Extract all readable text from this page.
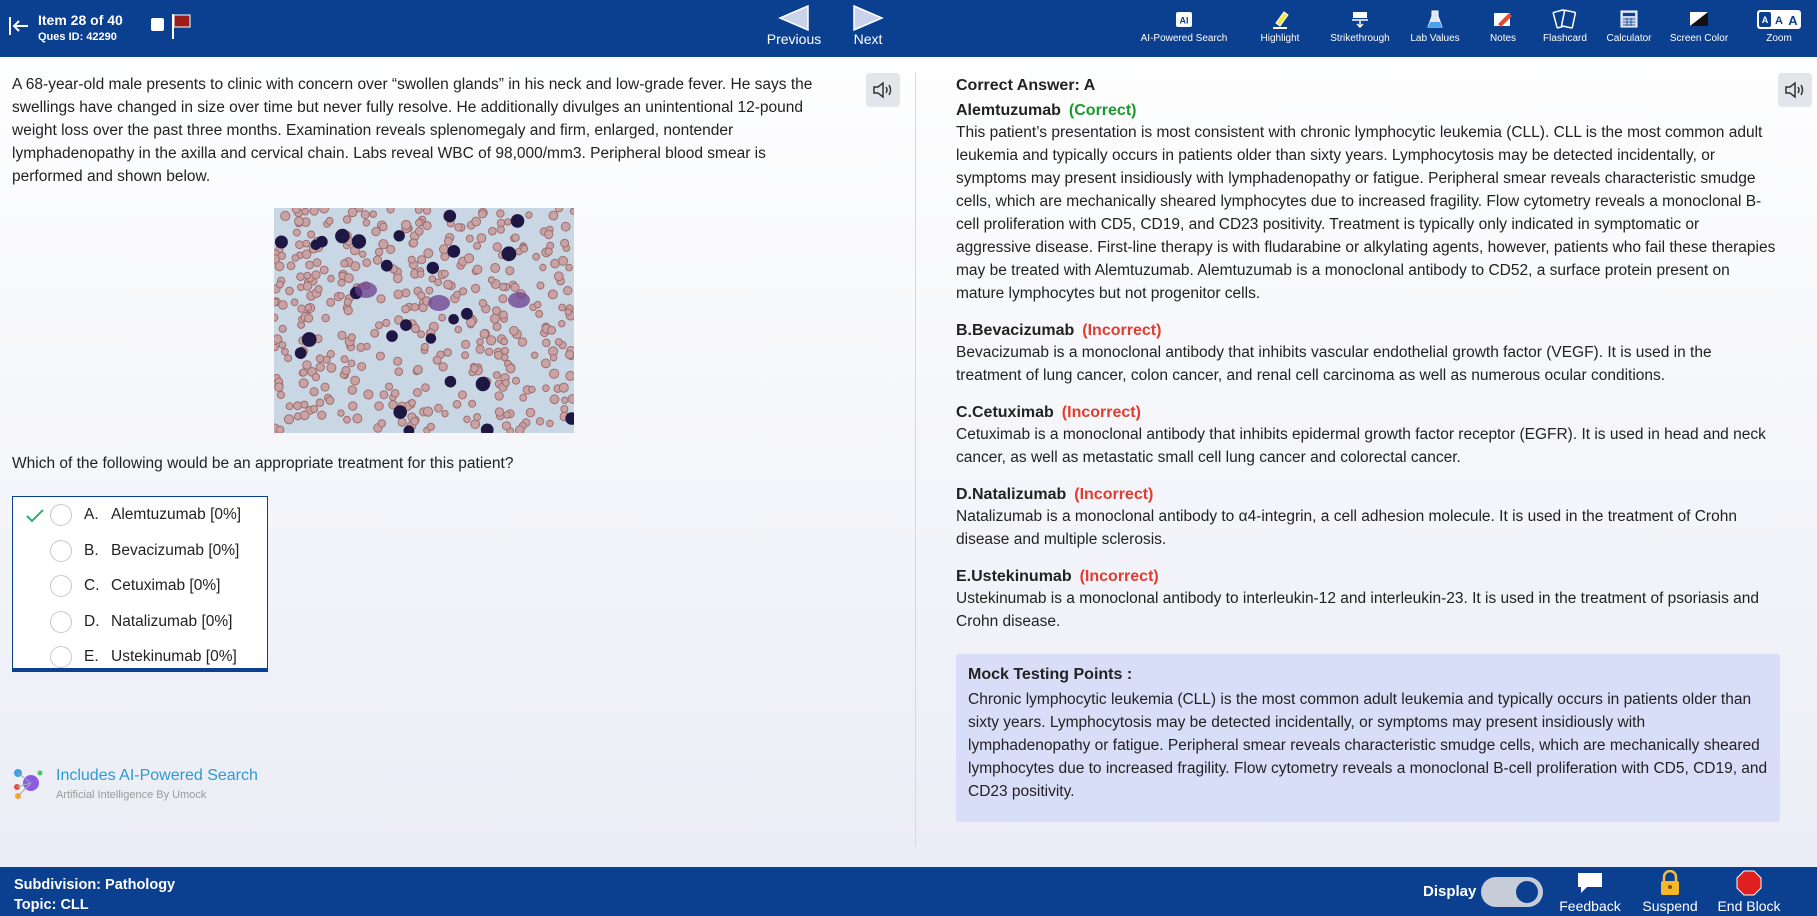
Item 28 of 40
Ques ID: 42290	Previous	Next
AI
AI-Powered Search	Highlight	Strikethrough	Lab Values	Notes	Flashcard	Calculator Screen Color
A A A
Zoom
A 68-year-old male presents to clinic with concern over “swollen glands” in his neck and low-grade fever. He says the swellings have changed in size over time but never fully resolve. He additionally divulges an unintentional 12-pound weight loss over the past three months. Examination reveals splenomegaly and firm, enlarged, nontender lymphadenopathy in the axilla and cervical chain. Labs reveal WBC of 98,000/mm3. Peripheral blood smear is performed and shown below.
Which of the following would be an appropriate treatment for this patient?
A. Alemtuzumab [0%]
B. Bevacizumab [0%]
C. Cetuximab [0%]
D. Natalizumab [0%]
E. Ustekinumab [0%]
Includes AI-Powered Search
Artificial Intelligence By Umock
Correct Answer: A
Alemtuzumab (Correct)
This patient’s presentation is most consistent with chronic lymphocytic leukemia (CLL). CLL is the most common adult leukemia and typically occurs in patients older than sixty years. Lymphocytosis may be detected incidentally, or symptoms may present insidiously with lymphadenopathy or fatigue. Peripheral smear reveals characteristic smudge cells, which are mechanically sheared lymphocytes due to increased fragility. Flow cytometry reveals a monoclonal B-cell proliferation with CD5, CD19, and CD23 positivity. Treatment is typically only indicated in symptomatic or aggressive disease. First-line therapy is with fludarabine or alkylating agents, however, patients who fail these therapies may be treated with Alemtuzumab. Alemtuzumab is a monoclonal antibody to CD52, a surface protein present on mature lymphocytes but not progenitor cells.
B.Bevacizumab (Incorrect)
Bevacizumab is a monoclonal antibody that inhibits vascular endothelial growth factor (VEGF). It is used in the treatment of lung cancer, colon cancer, and renal cell carcinoma as well as numerous ocular conditions.
C.Cetuximab (Incorrect)
Cetuximab is a monoclonal antibody that inhibits epidermal growth factor receptor (EGFR). It is used in head and neck cancer, as well as metastatic small cell lung cancer and colorectal cancer.
D.Natalizumab (Incorrect)
Natalizumab is a monoclonal antibody to α4-integrin, a cell adhesion molecule. It is used in the treatment of Crohn disease and multiple sclerosis.
E.Ustekinumab (Incorrect)
Ustekinumab is a monoclonal antibody to interleukin-12 and interleukin-23. It is used in the treatment of psoriasis and Crohn disease.
Mock Testing Points :
Chronic lymphocytic leukemia (CLL) is the most common adult leukemia and typically occurs in patients older than sixty years. Lymphocytosis may be detected incidentally, or symptoms may present insidiously with lymphadenopathy or fatigue. Peripheral smear reveals characteristic smudge cells, which are mechanically sheared lymphocytes due to increased fragility. Flow cytometry reveals a monoclonal B-cell proliferation with CD5, CD19, and CD23 positivity.
Subdivision: Pathology
Topic: CLL
Display
Feedback Suspend End Block
